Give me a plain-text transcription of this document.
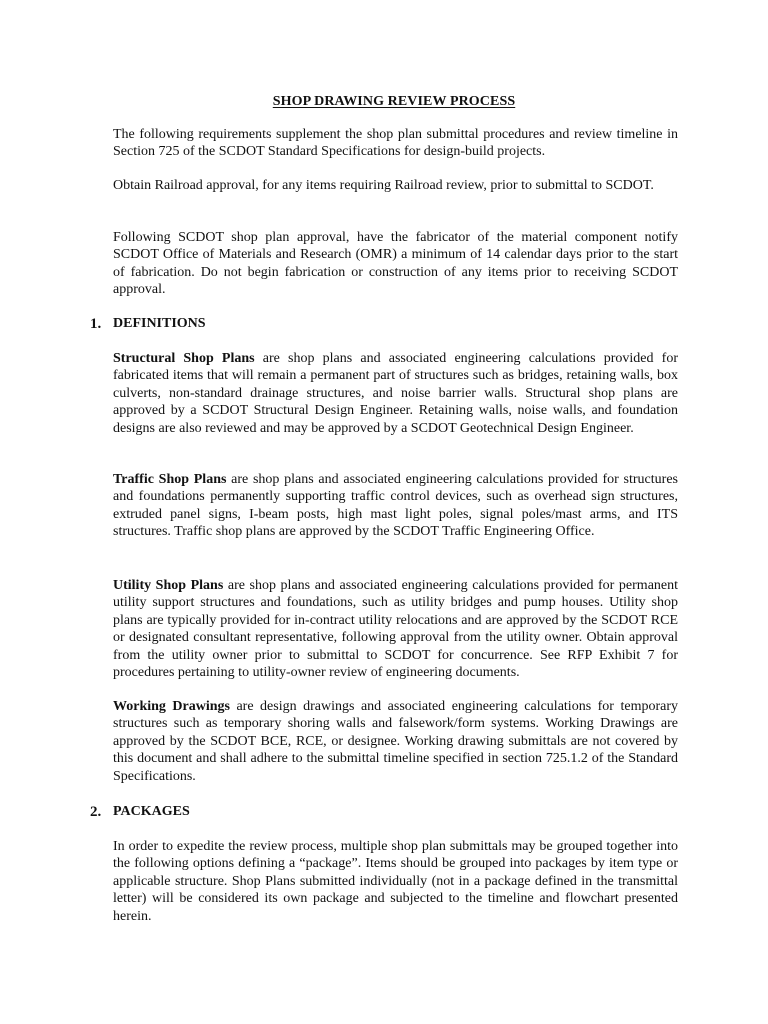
SHOP DRAWING REVIEW PROCESS

The following requirements supplement the shop plan submittal procedures and review timeline in Section 725 of the SCDOT Standard Specifications for design-build projects.

Obtain Railroad approval, for any items requiring Railroad review, prior to submittal to SCDOT.

Following SCDOT shop plan approval, have the fabricator of the material component notify SCDOT Office of Materials and Research (OMR) a minimum of 14 calendar days prior to the start of fabrication. Do not begin fabrication or construction of any items prior to receiving SCDOT approval.

1. DEFINITIONS

Structural Shop Plans are shop plans and associated engineering calculations provided for fabricated items that will remain a permanent part of structures such as bridges, retaining walls, box culverts, non-standard drainage structures, and noise barrier walls. Structural shop plans are approved by a SCDOT Structural Design Engineer. Retaining walls, noise walls, and foundation designs are also reviewed and may be approved by a SCDOT Geotechnical Design Engineer.

Traffic Shop Plans are shop plans and associated engineering calculations provided for structures and foundations permanently supporting traffic control devices, such as overhead sign structures, extruded panel signs, I-beam posts, high mast light poles, signal poles/mast arms, and ITS structures. Traffic shop plans are approved by the SCDOT Traffic Engineering Office.

Utility Shop Plans are shop plans and associated engineering calculations provided for permanent utility support structures and foundations, such as utility bridges and pump houses. Utility shop plans are typically provided for in-contract utility relocations and are approved by the SCDOT RCE or designated consultant representative, following approval from the utility owner. Obtain approval from the utility owner prior to submittal to SCDOT for concurrence. See RFP Exhibit 7 for procedures pertaining to utility-owner review of engineering documents.

Working Drawings are design drawings and associated engineering calculations for temporary structures such as temporary shoring walls and falsework/form systems. Working Drawings are approved by the SCDOT BCE, RCE, or designee. Working drawing submittals are not covered by this document and shall adhere to the submittal timeline specified in section 725.1.2 of the Standard Specifications.

2. PACKAGES

In order to expedite the review process, multiple shop plan submittals may be grouped together into the following options defining a “package”. Items should be grouped into packages by item type or applicable structure. Shop Plans submitted individually (not in a package defined in the transmittal letter) will be considered its own package and subjected to the timeline and flowchart presented herein.
